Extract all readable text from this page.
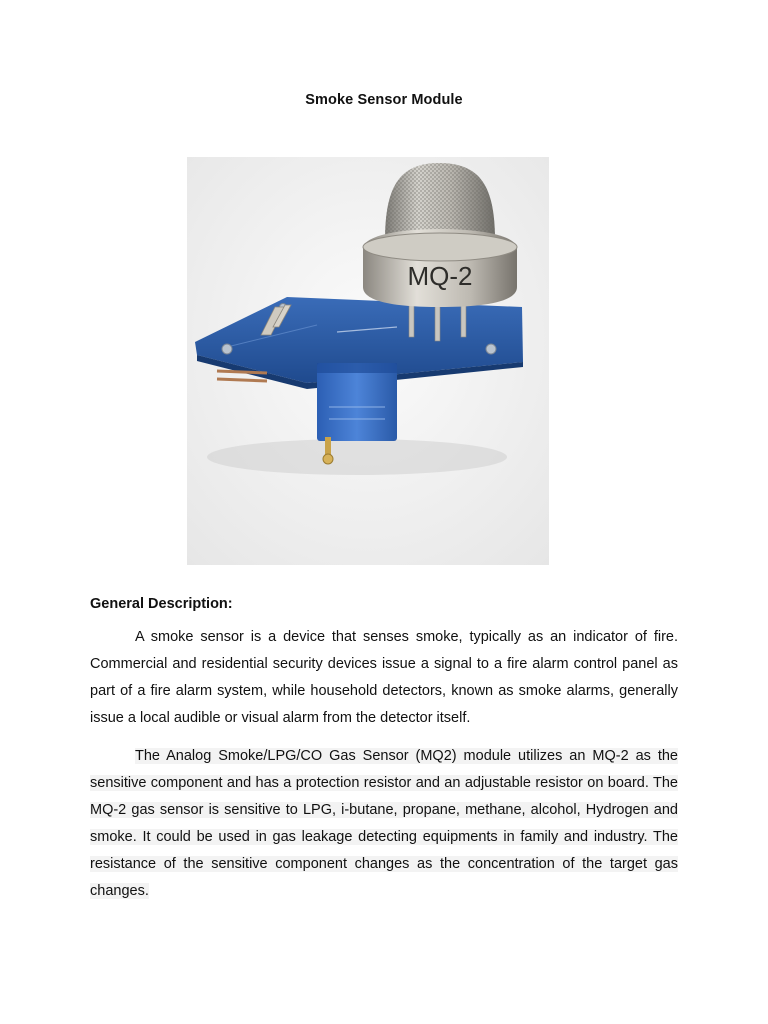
Smoke Sensor Module
MQ-2
General Description:

A smoke sensor is a device that senses smoke, typically as an indicator of fire. Commercial and residential security devices issue a signal to a fire alarm control panel as part of a fire alarm system, while household detectors, known as smoke alarms, generally issue a local audible or visual alarm from the detector itself.

The Analog Smoke/LPG/CO Gas Sensor (MQ2) module utilizes an MQ-2 as the sensitive component and has a protection resistor and an adjustable resistor on board. The MQ-2 gas sensor is sensitive to LPG, i-butane, propane, methane, alcohol, Hydrogen and smoke. It could be used in gas leakage detecting equipments in family and industry. The resistance of the sensitive component changes as the concentration of the target gas changes.
